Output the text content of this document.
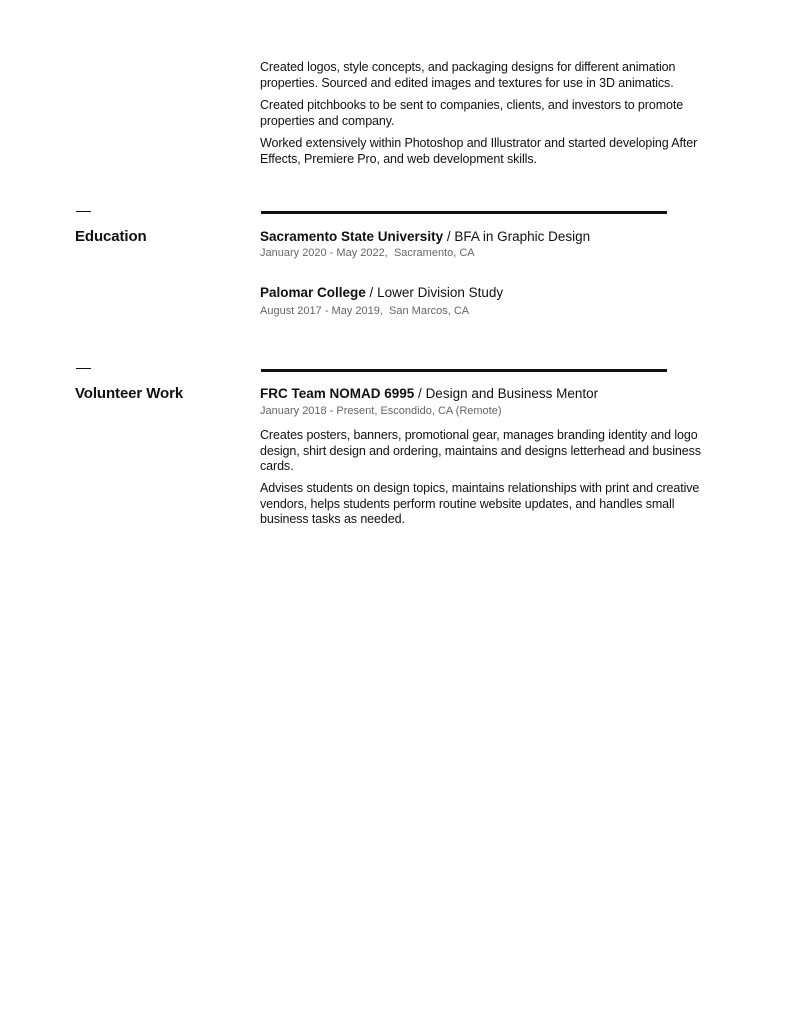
Created logos, style concepts, and packaging designs for different animation properties. Sourced and edited images and textures for use in 3D animatics.

Created pitchbooks to be sent to companies, clients, and investors to promote properties and company.

Worked extensively within Photoshop and Illustrator and started developing After Effects, Premiere Pro, and web development skills.

Education	Sacramento State University / BFA in Graphic Design

January 2020 - May 2022, Sacramento, CA

Palomar College / Lower Division Study

August 2017 - May 2019, San Marcos, CA

Volunteer Work	FRC Team NOMAD 6995 / Design and Business Mentor

January 2018 - Present, Escondido, CA (Remote)

Creates posters, banners, promotional gear, manages branding identity and logo design, shirt design and ordering, maintains and designs letterhead and business cards.

Advises students on design topics, maintains relationships with print and creative vendors, helps students perform routine website updates, and handles small business tasks as needed.
